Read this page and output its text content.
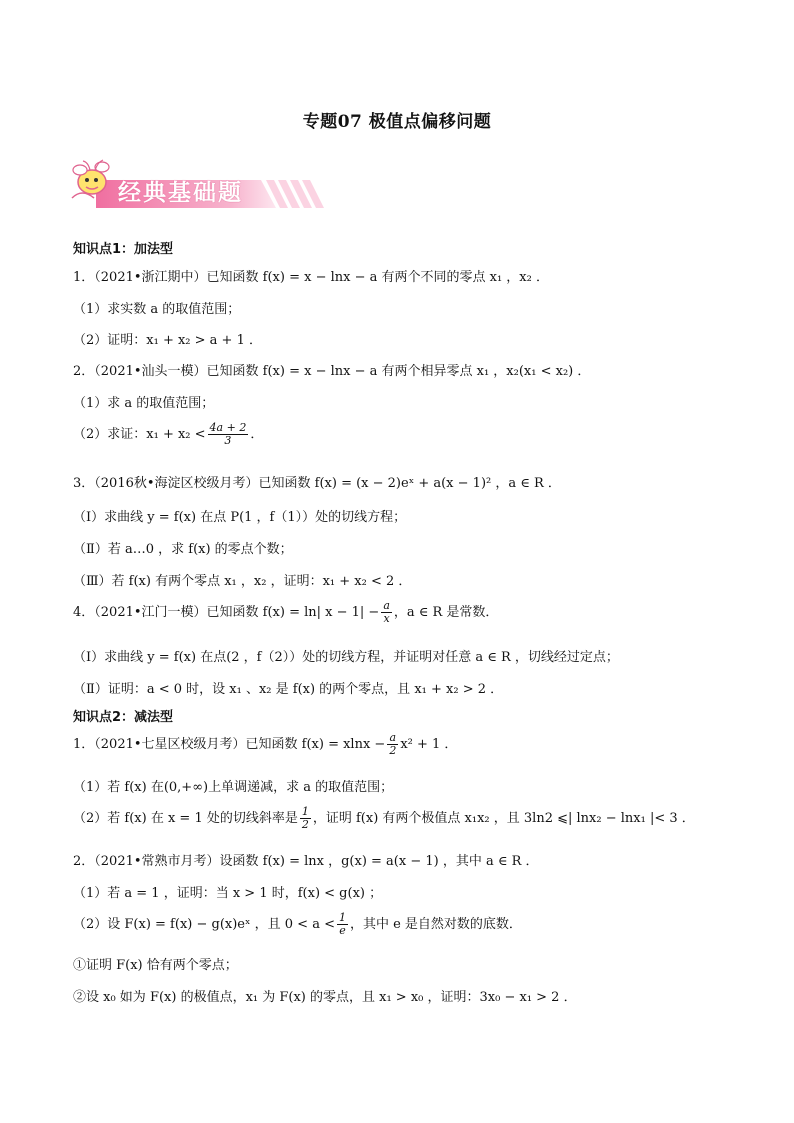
专题07 极值点偏移问题
经典基础题
知识点1：加法型
1．（2021•浙江期中）已知函数 f(x) = x − lnx − a 有两个不同的零点 x₁ ，x₂ ．
（1）求实数 a 的取值范围；
（2）证明：x₁ + x₂ > a + 1 ．
2．（2021•汕头一模）已知函数 f(x) = x − lnx − a 有两个相异零点 x₁ ，x₂(x₁ < x₂) ．
（1）求 a 的取值范围；
（2）求证：$x_1 + x_2 < \frac{4a + 2}{3}$ ．
3．（2016秋•海淀区校级月考）已知函数 f(x) = (x − 2)eˣ + a(x − 1)² ，a ∈ R ．
（Ⅰ）求曲线 y = f(x) 在点 P(1 ，f（1））处的切线方程；
（Ⅱ）若 a…0 ，求 f(x) 的零点个数；
（Ⅲ）若 f(x) 有两个零点 x₁ ，x₂ ，证明：x₁ + x₂ < 2 ．
4．（2021•江门一模）已知函数 f(x) = ln| $x - 1| - \frac{a}{x}$ ，a ∈ R 是常数．
（Ⅰ）求曲线 y = f(x) 在点(2 ，f（2））处的切线方程，并证明对任意 a ∈ R ，切线经过定点；
（Ⅱ）证明：a < 0 时，设 x₁ 、x₂ 是 f(x) 的两个零点，且 x₁ + x₂ > 2 ．
知识点2：减法型
1．（2021•七星区校级月考）已知函数 $f(x) = xlnx - \frac{a}{2} x^2 + 1$ ．
（1）若 f(x) 在(0,+∞)上单调递减，求 a 的取值范围；
（2）若 f(x) 在 x = 1 处的切线斜率是 $\frac{1}{2}$ ，证明 f(x) 有两个极值点 x₁x₂ ，且 3ln2 ⩽| lnx₂ − lnx₁ |< 3 ．
2．（2021•常熟市月考）设函数 f(x) = lnx ，g(x) = a(x − 1) ，其中 a ∈ R ．
（1）若 a = 1 ，证明：当 x > 1 时，f(x) < g(x) ；
（2）设 F(x) = f(x) − g(x)eˣ ，且 $0 < a < \frac{1}{e}$ ，其中 e 是自然对数的底数．
①证明 F(x) 恰有两个零点；
②设 x₀ 如为 F(x) 的极值点，x₁ 为 F(x) 的零点，且 x₁ > x₀ ，证明：3x₀ − x₁ > 2 ．
